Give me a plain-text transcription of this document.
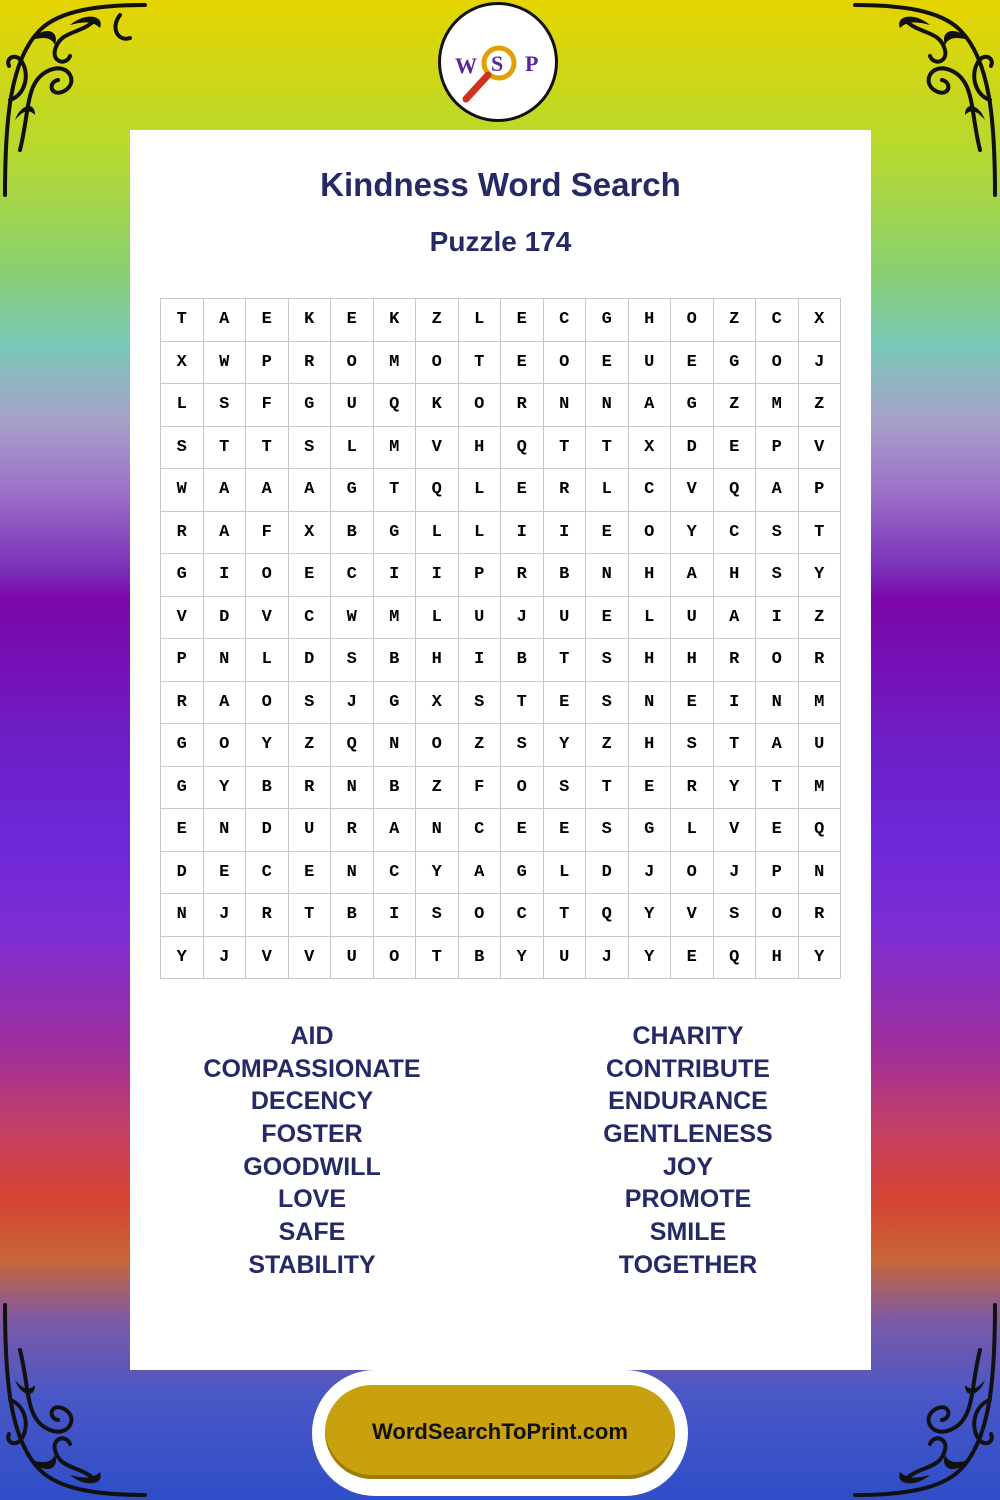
W S P
Kindness Word Search
Puzzle 174
T	A	E	K	E	K	Z	L	E	C	G	H	O	Z	C	X
X	W	P	R	O	M	O	T	E	O	E	U	E	G	O	J
L	S	F	G	U	Q	K	O	R	N	N	A	G	Z	M	Z
S	T	T	S	L	M	V	H	Q	T	T	X	D	E	P	V
W	A	A	A	G	T	Q	L	E	R	L	C	V	Q	A	P
R	A	F	X	B	G	L	L	I	I	E	O	Y	C	S	T
G	I	O	E	C	I	I	P	R	B	N	H	A	H	S	Y
V	D	V	C	W	M	L	U	J	U	E	L	U	A	I	Z
P	N	L	D	S	B	H	I	B	T	S	H	H	R	O	R
R	A	O	S	J	G	X	S	T	E	S	N	E	I	N	M
G	O	Y	Z	Q	N	O	Z	S	Y	Z	H	S	T	A	U
G	Y	B	R	N	B	Z	F	O	S	T	E	R	Y	T	M
E	N	D	U	R	A	N	C	E	E	S	G	L	V	E	Q
D	E	C	E	N	C	Y	A	G	L	D	J	O	J	P	N
N	J	R	T	B	I	S	O	C	T	Q	Y	V	S	O	R
Y	J	V	V	U	O	T	B	Y	U	J	Y	E	Q	H	Y
AID
COMPASSIONATE
DECENCY
FOSTER
GOODWILL
LOVE
SAFE
STABILITY
CHARITY
CONTRIBUTE
ENDURANCE
GENTLENESS
JOY
PROMOTE
SMILE
TOGETHER
WordSearchToPrint.com
